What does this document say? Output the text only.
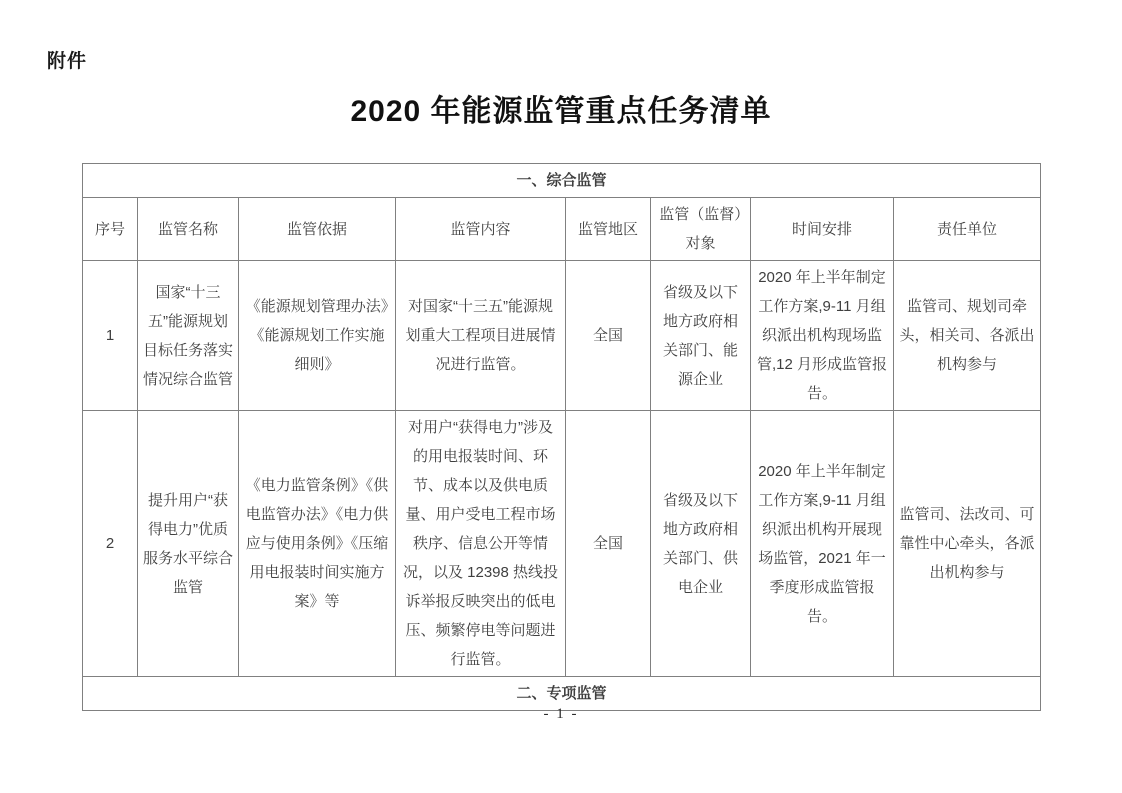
附件
2020 年能源监管重点任务清单
一、综合监管							
序号	监管名称	监管依据	监管内容	监管地区	监管（监督）对象	时间安排	责任单位
1	国家“十三五”能源规划目标任务落实情况综合监管	《能源规划管理办法》《能源规划工作实施细则》	对国家“十三五”能源规划重大工程项目进展情况进行监管。	全国	省级及以下地方政府相关部门、能源企业	2020 年上半年制定工作方案,9-11 月组织派出机构现场监管,12 月形成监管报告。	监管司、规划司牵头，相关司、各派出机构参与
2	提升用户“获得电力”优质服务水平综合监管	《电力监管条例》《供电监管办法》《电力供应与使用条例》《压缩用电报装时间实施方案》等	对用户“获得电力”涉及的用电报装时间、环节、成本以及供电质量、用户受电工程市场秩序、信息公开等情况，以及 12398 热线投诉举报反映突出的低电压、频繁停电等问题进行监管。	全国	省级及以下地方政府相关部门、供电企业	2020 年上半年制定工作方案,9-11 月组织派出机构开展现场监管，2021 年一季度形成监管报告。	监管司、法改司、可靠性中心牵头，各派出机构参与
二、专项监管							
- 1 -
